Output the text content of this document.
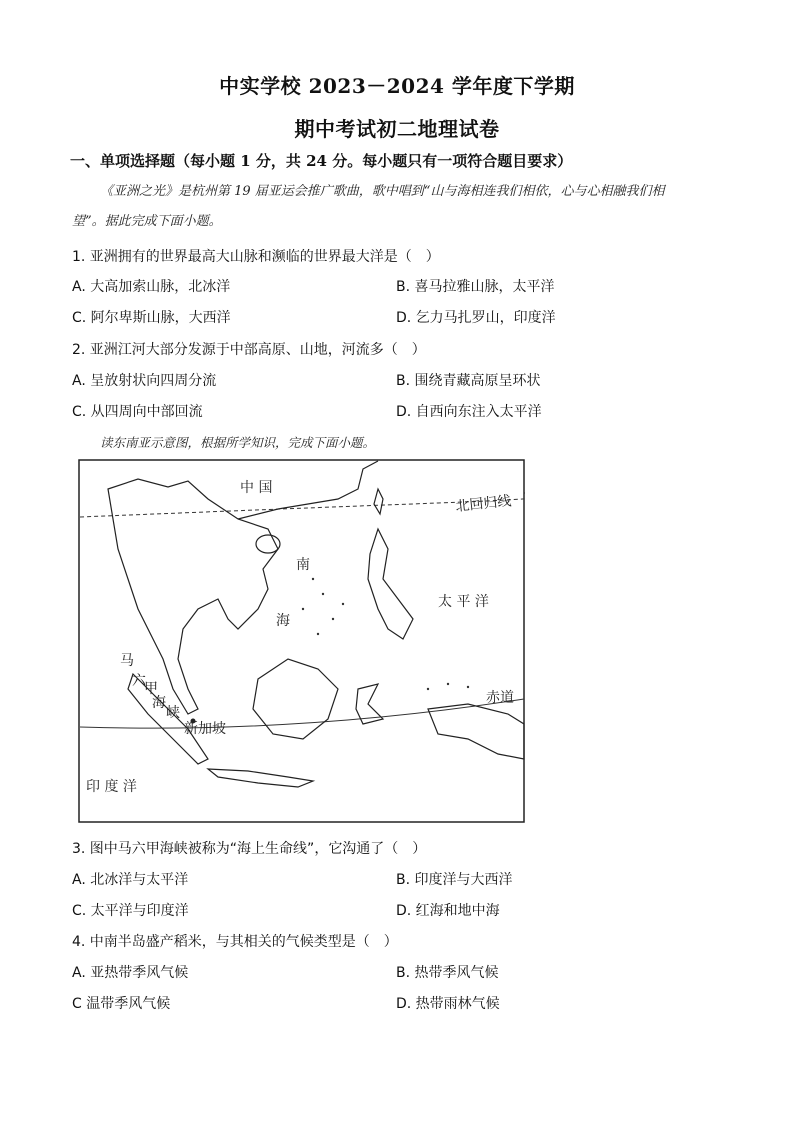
中实学校 2023－2024 学年度下学期
期中考试初二地理试卷
一、单项选择题（每小题 1 分，共 24 分。每小题只有一项符合题目要求）
《亚洲之光》是杭州第 19 届亚运会推广歌曲，歌中唱到“山与海相连我们相依，心与心相融我们相
望”。据此完成下面小题。
1. 亚洲拥有的世界最高大山脉和濒临的世界最大洋是（　）
A. 大高加索山脉，北冰洋	B. 喜马拉雅山脉，太平洋
C. 阿尔卑斯山脉，大西洋	D. 乞力马扎罗山，印度洋
2. 亚洲江河大部分发源于中部高原、山地，河流多（　）
A. 呈放射状向四周分流	B. 围绕青藏高原呈环状
C. 从四周向中部回流	D. 自西向东注入太平洋
读东南亚示意图，根据所学知识，完成下面小题。
中 国
北回归线
南
海
太 平 洋
马
六
甲
海
峡
新加坡
赤道
印 度 洋
3. 图中马六甲海峡被称为“海上生命线”，它沟通了（　）
A. 北冰洋与太平洋	B. 印度洋与大西洋
C. 太平洋与印度洋	D. 红海和地中海
4. 中南半岛盛产稻米，与其相关的气候类型是（　）
A. 亚热带季风气候	B. 热带季风气候
C 温带季风气候	D. 热带雨林气候
